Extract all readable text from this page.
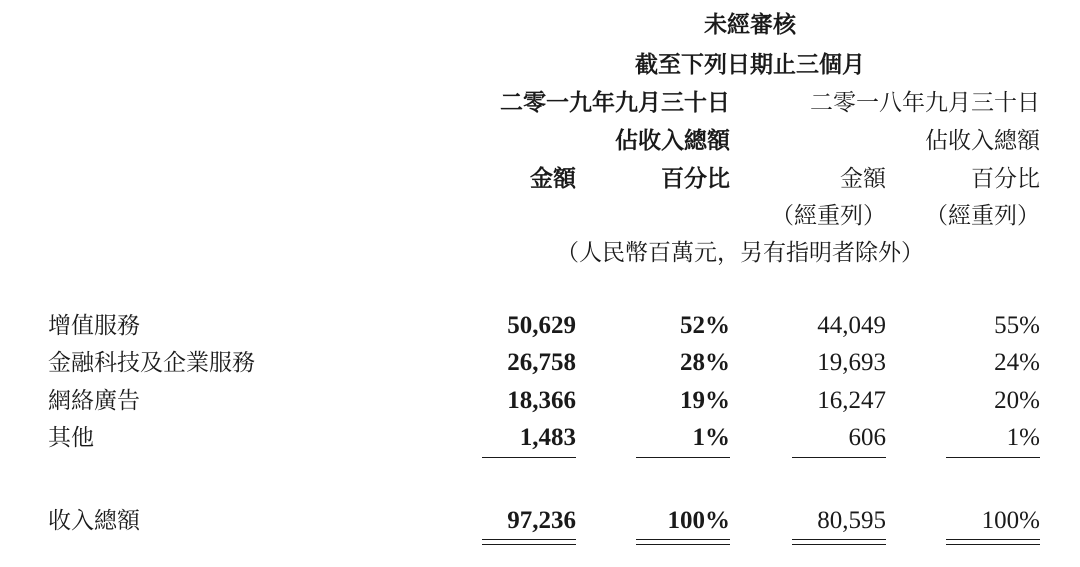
未經審核
截至下列日期止三個月
二零一九年九月三十日	二零一八年九月三十日
佔收入總額	佔收入總額
金額	百分比	金額	百分比
（經重列）	（經重列）
（人民幣百萬元，另有指明者除外）
增值服務	50,629	52%	44,049	55%
金融科技及企業服務	26,758	28%	19,693	24%
網絡廣告	18,366	19%	16,247	20%
其他	1,483	1%	606	1%
收入總額	97,236	100%	80,595	100%
